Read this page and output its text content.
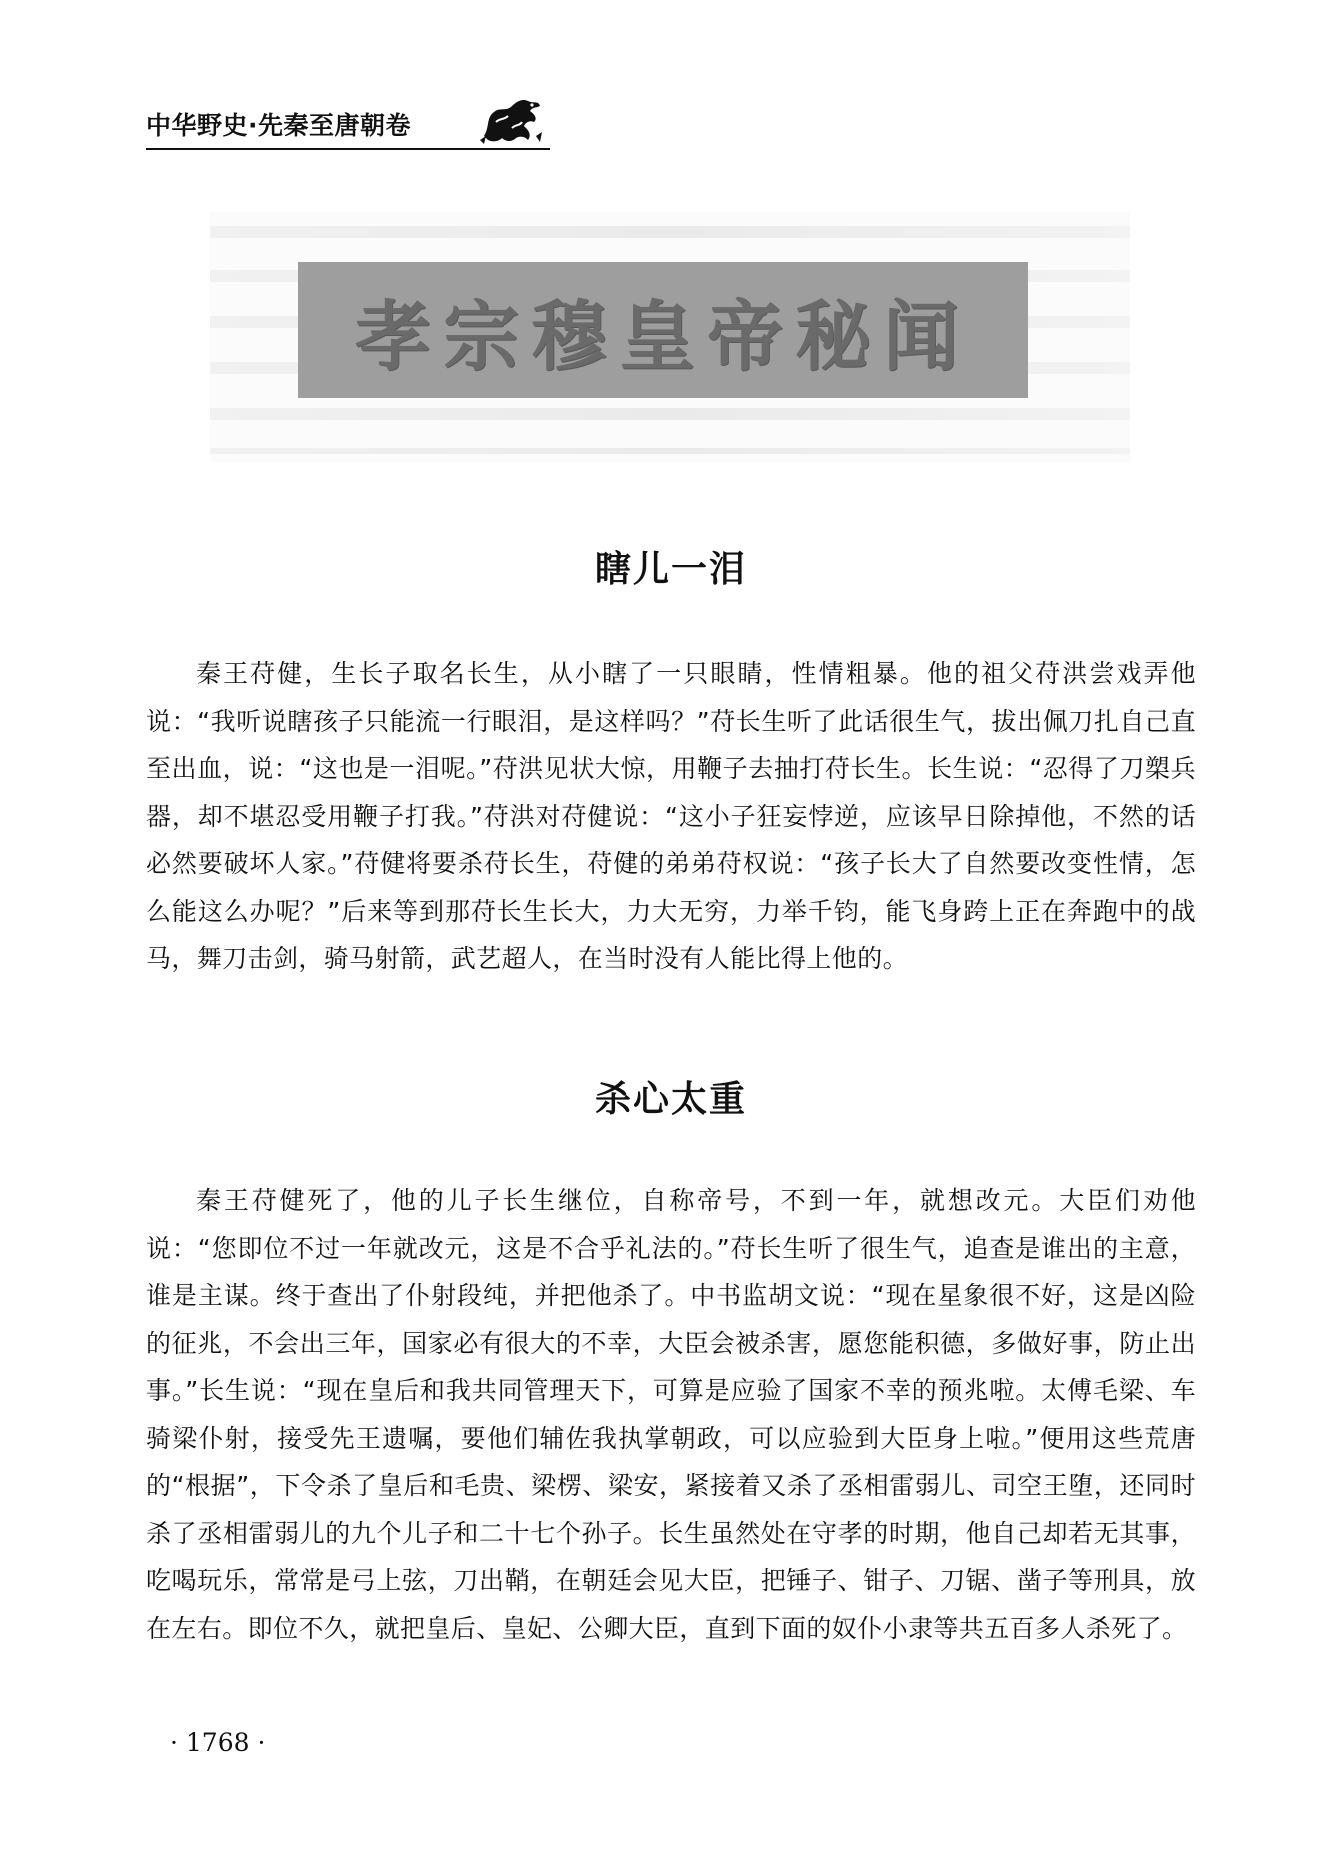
中华野史·先秦至唐朝卷
孝宗穆皇帝秘闻
瞎儿一泪

秦王苻健，生长子取名长生，从小瞎了一只眼睛，性情粗暴。他的祖父苻洪尝戏弄他说：“我听说瞎孩子只能流一行眼泪，是这样吗？”苻长生听了此话很生气，拔出佩刀扎自己直至出血，说：“这也是一泪呢。”苻洪见状大惊，用鞭子去抽打苻长生。长生说：“忍得了刀槊兵器，却不堪忍受用鞭子打我。”苻洪对苻健说：“这小子狂妄悖逆，应该早日除掉他，不然的话必然要破坏人家。”苻健将要杀苻长生，苻健的弟弟苻权说：“孩子长大了自然要改变性情，怎么能这么办呢？”后来等到那苻长生长大，力大无穷，力举千钧，能飞身跨上正在奔跑中的战马，舞刀击剑，骑马射箭，武艺超人，在当时没有人能比得上他的。

杀心太重

秦王苻健死了，他的儿子长生继位，自称帝号，不到一年，就想改元。大臣们劝他说：“您即位不过一年就改元，这是不合乎礼法的。”苻长生听了很生气，追查是谁出的主意，谁是主谋。终于查出了仆射段纯，并把他杀了。中书监胡文说：“现在星象很不好，这是凶险的征兆，不会出三年，国家必有很大的不幸，大臣会被杀害，愿您能积德，多做好事，防止出事。”长生说：“现在皇后和我共同管理天下，可算是应验了国家不幸的预兆啦。太傅毛梁、车骑梁仆射，接受先王遗嘱，要他们辅佐我执掌朝政，可以应验到大臣身上啦。”便用这些荒唐的“根据”，下令杀了皇后和毛贵、梁楞、梁安，紧接着又杀了丞相雷弱儿、司空王堕，还同时杀了丞相雷弱儿的九个儿子和二十七个孙子。长生虽然处在守孝的时期，他自己却若无其事，吃喝玩乐，常常是弓上弦，刀出鞘，在朝廷会见大臣，把锤子、钳子、刀锯、凿子等刑具，放在左右。即位不久，就把皇后、皇妃、公卿大臣，直到下面的奴仆小隶等共五百多人杀死了。

· 1768 ·
